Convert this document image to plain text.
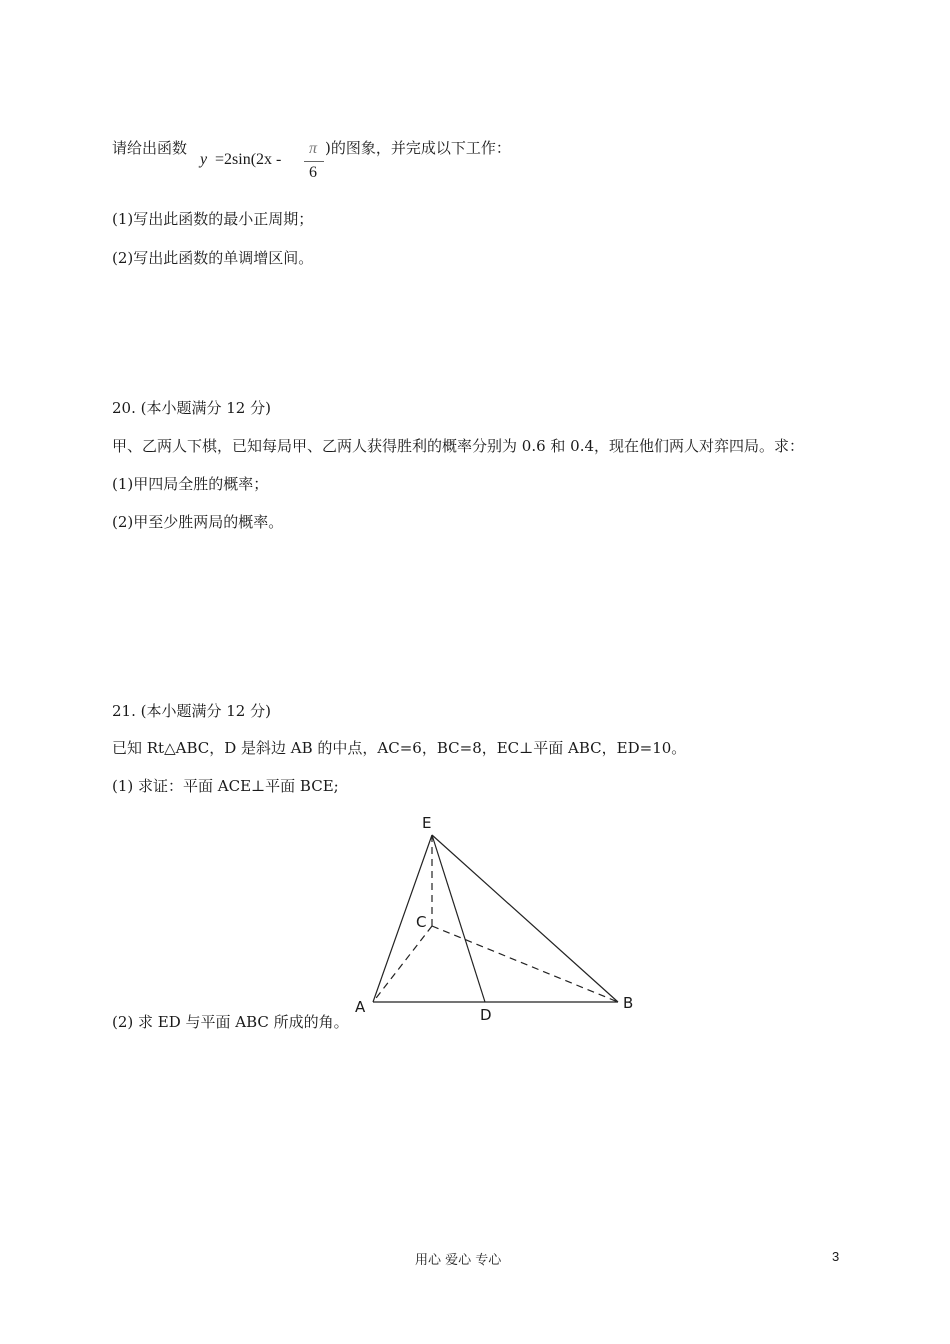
请给出函数
y =2sin(2x -
π
6
)的图象，并完成以下工作：
(1)写出此函数的最小正周期；
(2)写出此函数的单调增区间。
20. (本小题满分 12 分)
甲、乙两人下棋，已知每局甲、乙两人获得胜利的概率分别为 0.6 和 0.4，现在他们两人对弈四局。求：
(1)甲四局全胜的概率；
(2)甲至少胜两局的概率。
21. (本小题满分 12 分)
已知 Rt△ABC，D 是斜边 AB 的中点，AC=6，BC=8，EC⊥平面 ABC，ED=10。
(1) 求证：平面 ACE⊥平面 BCE;
(2) 求 ED 与平面 ABC 所成的角。
E
C
A	D
B
用心 爱心 专心	3
